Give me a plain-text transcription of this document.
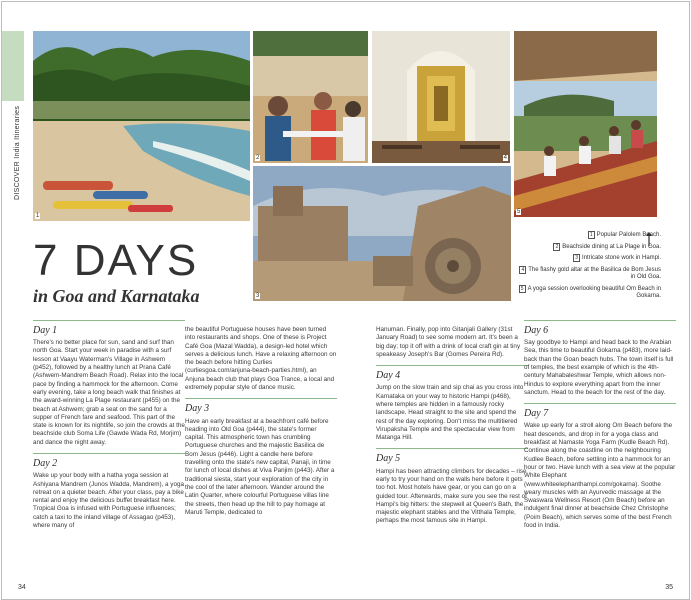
DISCOVER India Itineraries
1
2	4
5
3
7 DAYS
in Goa and Karnataka
1 Popular Palolem Beach.
2 Beachside dining at La Plage in Goa.
3 Intricate stone work in Hampi.
4 The flashy gold altar at the Basilica de Bom Jesus in Old Goa.
5 A yoga session overlooking beautiful Om Beach in Gokarna.
Day 1

There's no better place for sun, sand and surf than north Goa. Start your week in paradise with a surf lesson at Vaayu Waterman's Village in Ashwem (p452), followed by a healthy lunch at Prana Café (Ashwem-Mandrem Beach Road). Relax into the local pace by finding a hammock for the afternoon. Come early evening, take a long beach walk that finishes at the award-winning La Plage restaurant (p455) on the beach at Ashwem; grab a seat on the sand for a supper of French fare and seafood. This part of the state is known for its nightlife, so join the crowds at the beachside club Soma Life (Gawde Wada Rd, Morjim) and dance the night away.

Day 2

Wake up your body with a hatha yoga session at Ashiyana Mandrem (Junos Wadda, Mandrem), a yoga retreat on a quieter beach. After your class, pay a bike rental and enjoy the delicious buffet breakfast here. Tropical Goa is infused with Portuguese influences; catch a taxi to the inland village of Assagao (p453), where many of

the beautiful Portuguese houses have been turned into restaurants and shops. One of these is Project Café Goa (Mazal Wadda), a design-led hotel which serves a delicious lunch. Have a relaxing afternoon on the beach before hitting Curlies (curliesgoa.com/anjuna-beach-parties.html), an Anjuna beach club that plays Goa Trance, a local and extremely popular style of dance music.

Day 3

Have an early breakfast at a beachfront café before heading into Old Goa (p444), the state's former capital. This atmospheric town has crumbling Portuguese churches and the majestic Basilica de Bom Jesus (p446). Light a candle here before travelling onto the state's new capital, Panaji, in time for lunch of local dishes at Viva Panjim (p443). After a traditional siesta, start your exploration of the city in the cool of the later afternoon. Wander around the Latin Quarter, where colourful Portuguese villas line the streets, then head up the hill to pay homage at Maruti Temple, dedicated to

Hanuman. Finally, pop into Gitanjali Gallery (31st January Road) to see some modern art. It's been a big day; top it off with a drink of local craft gin at tiny speakeasy Joseph's Bar (Gomes Pereira Rd).

Day 4

Jump on the slow train and sip chai as you cross into Karnataka on your way to historic Hampi (p468), where temples are hidden in a famously rocky landscape. Head straight to the site and spend the rest of the day exploring. Don't miss the multitiered Virupaksha Temple and the spectacular view from Matanga Hill.

Day 5

Hampi has been attracting climbers for decades – rise early to try your hand on the walls here before it gets too hot. Most hotels have gear, or you can go on a guided tour. Afterwards, make sure you see the rest of Hampi's big hitters: the stepwell at Queen's Bath, the majestic elephant stables and the Vitthala Temple, perhaps the most famous site in Hampi.

Day 6

Say goodbye to Hampi and head back to the Arabian Sea, this time to beautiful Gokarna (p483), more laid-back than the Goan beach hubs. The town itself is full of temples, the best example of which is the 4th-century Mahabaleshwar Temple, which allows non-Hindus to explore everything apart from the inner sanctum. Head to the beach for the rest of the day.

Day 7

Wake up early for a stroll along Om Beach before the heat descends, and drop in for a yoga class and breakfast at Namaste Yoga Farm (Kudle Beach Rd). Continue along the coastline on the neighbouring Kudlee Beach, before settling into a hammock for an hour or two. Have lunch with a sea view at the popular White Elephant (www.whiteelephanthampi.com/gokarna). Soothe weary muscles with an Ayurvedic massage at the Swaswara Wellness Resort (Om Beach) before an indulgent final dinner at beachside Chez Christophe (Poim Beach), which serves some of the best French food in India.

34	35
